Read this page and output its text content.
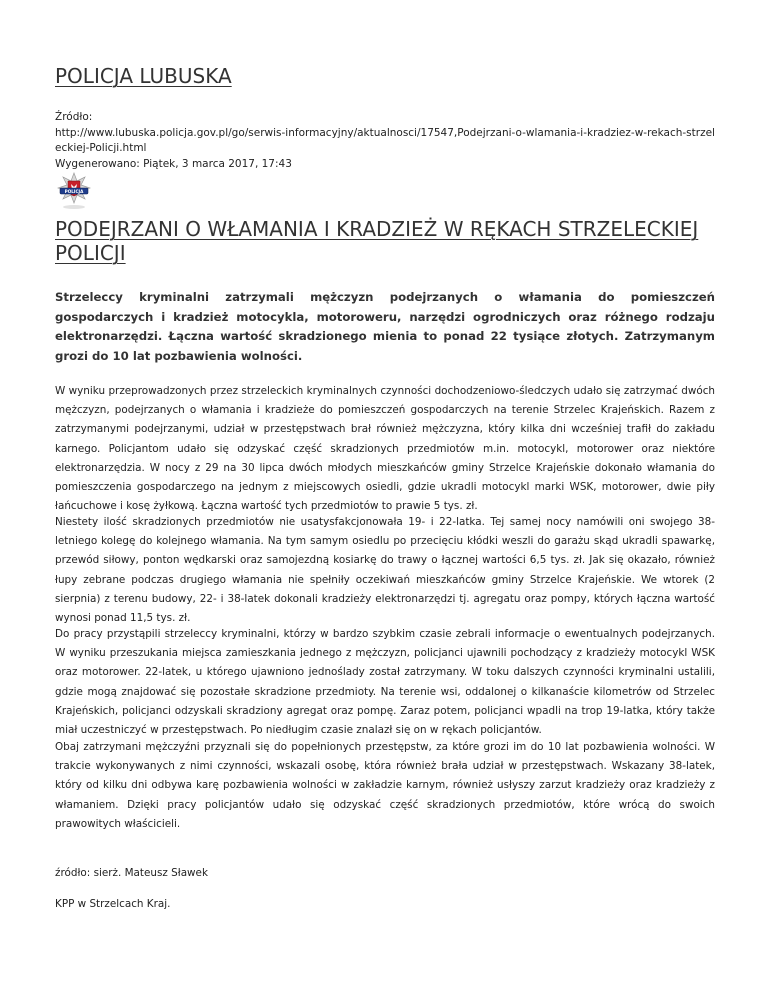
POLICJA LUBUSKA
Źródło:
http://www.lubuska.policja.gov.pl/go/serwis-informacyjny/aktualnosci/17547,Podejrzani-o-wlamania-i-kradziez-w-rekach-strzeleckiej-Policji.html
Wygenerowano: Piątek, 3 marca 2017, 17:43
POLICJA
PODEJRZANI O WŁAMANIA I KRADZIEŻ W RĘKACH STRZELECKIEJ POLICJI

Strzeleccy kryminalni zatrzymali mężczyzn podejrzanych o włamania do pomieszczeń gospodarczych i kradzież motocykla, motoroweru, narzędzi ogrodniczych oraz różnego rodzaju elektronarzędzi. Łączna wartość skradzionego mienia to ponad 22 tysiące złotych. Zatrzymanym grozi do 10 lat pozbawienia wolności.

W wyniku przeprowadzonych przez strzeleckich kryminalnych czynności dochodzeniowo-śledczych udało się zatrzymać dwóch mężczyzn, podejrzanych o włamania i kradzieże do pomieszczeń gospodarczych na terenie Strzelec Krajeńskich. Razem z zatrzymanymi podejrzanymi, udział w przestępstwach brał również mężczyzna, który kilka dni wcześniej trafił do zakładu karnego. Policjantom udało się odzyskać część skradzionych przedmiotów m.in. motocykl, motorower oraz niektóre elektronarzędzia. W nocy z 29 na 30 lipca dwóch młodych mieszkańców gminy Strzelce Krajeńskie dokonało włamania do pomieszczenia gospodarczego na jednym z miejscowych osiedli, gdzie ukradli motocykl marki WSK, motorower, dwie piły łańcuchowe i kosę żyłkową. Łączna wartość tych przedmiotów to prawie 5 tys. zł.

Niestety ilość skradzionych przedmiotów nie usatysfakcjonowała 19- i 22-latka. Tej samej nocy namówili oni swojego 38-letniego kolegę do kolejnego włamania. Na tym samym osiedlu po przecięciu kłódki weszli do garażu skąd ukradli spawarkę, przewód siłowy, ponton wędkarski oraz samojezdną kosiarkę do trawy o łącznej wartości 6,5 tys. zł. Jak się okazało, również łupy zebrane podczas drugiego włamania nie spełniły oczekiwań mieszkańców gminy Strzelce Krajeńskie. We wtorek (2 sierpnia) z terenu budowy, 22- i 38-latek dokonali kradzieży elektronarzędzi tj. agregatu oraz pompy, których łączna wartość wynosi ponad 11,5 tys. zł.

Do pracy przystąpili strzeleccy kryminalni, którzy w bardzo szybkim czasie zebrali informacje o ewentualnych podejrzanych. W wyniku przeszukania miejsca zamieszkania jednego z mężczyzn, policjanci ujawnili pochodzący z kradzieży motocykl WSK oraz motorower. 22-latek, u którego ujawniono jednoślady został zatrzymany. W toku dalszych czynności kryminalni ustalili, gdzie mogą znajdować się pozostałe skradzione przedmioty. Na terenie wsi, oddalonej o kilkanaście kilometrów od Strzelec Krajeńskich, policjanci odzyskali skradziony agregat oraz pompę. Zaraz potem, policjanci wpadli na trop 19-latka, który także miał uczestniczyć w przestępstwach. Po niedługim czasie znalazł się on w rękach policjantów.

Obaj zatrzymani mężczyźni przyznali się do popełnionych przestępstw, za które grozi im do 10 lat pozbawienia wolności. W trakcie wykonywanych z nimi czynności, wskazali osobę, która również brała udział w przestępstwach. Wskazany 38-latek, który od kilku dni odbywa karę pozbawienia wolności w zakładzie karnym, również usłyszy zarzut kradzieży oraz kradzieży z włamaniem. Dzięki pracy policjantów udało się odzyskać część skradzionych przedmiotów, które wrócą do swoich prawowitych właścicieli.

źródło: sierż. Mateusz Sławek

KPP w Strzelcach Kraj.
